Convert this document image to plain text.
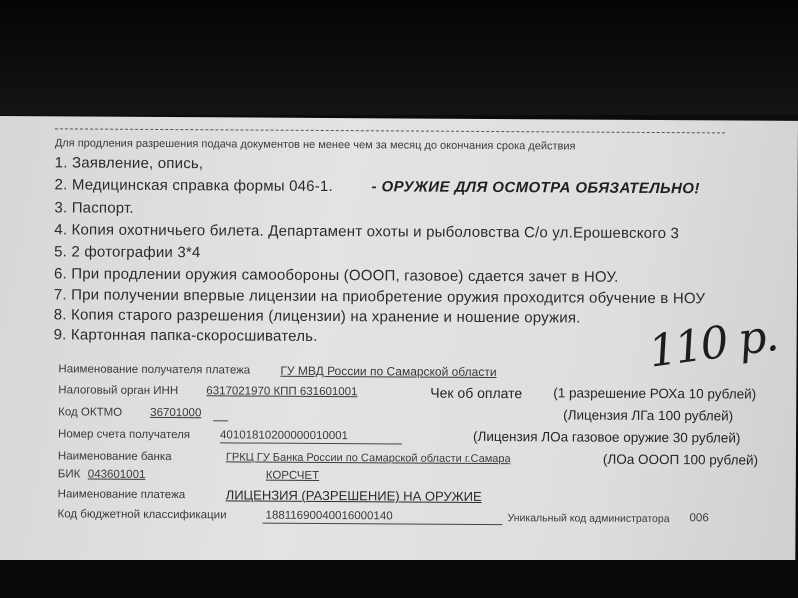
Для продления разрешения подача документов не менее чем за месяц до окончания срока действия
1. Заявление, опись,
2. Медицинская справка формы 046-1.	- ОРУЖИЕ ДЛЯ ОСМОТРА ОБЯЗАТЕЛЬНО!
3. Паспорт.
4. Копия охотничьего билета. Департамент охоты и рыболовства С/о ул.Ерошевского 3
5. 2 фотографии 3*4
6. При продлении оружия самообороны (ОООП, газовое) сдается зачет в НОУ.
7. При получении впервые лицензии на приобретение оружия проходится обучение в НОУ
8. Копия старого разрешения (лицензии) на хранение и ношение оружия.
9. Картонная папка-скоросшиватель.	110 р.
Наименование получателя платежа	ГУ МВД России по Самарской области
Налоговый орган ИНН 6317021970 КПП 631601001	Чек об оплате (1 разрешение РОХа 10 рублей)
Код ОКТМО 36701000	(Лицензия ЛГа 100 рублей)
Номер счета получателя	40101810200000010001	(Лицензия ЛОа газовое оружие 30 рублей)
Наименование банка	ГРКЦ ГУ Банка России по Самарской области г.Самара	(ЛОа ОООП 100 рублей)
БИК 043601001	КОРСЧЕТ
Наименование платежа	ЛИЦЕНЗИЯ (РАЗРЕШЕНИЕ) НА ОРУЖИЕ
Код бюджетной классификации	18811690040016000140	Уникальный код администратора 006
